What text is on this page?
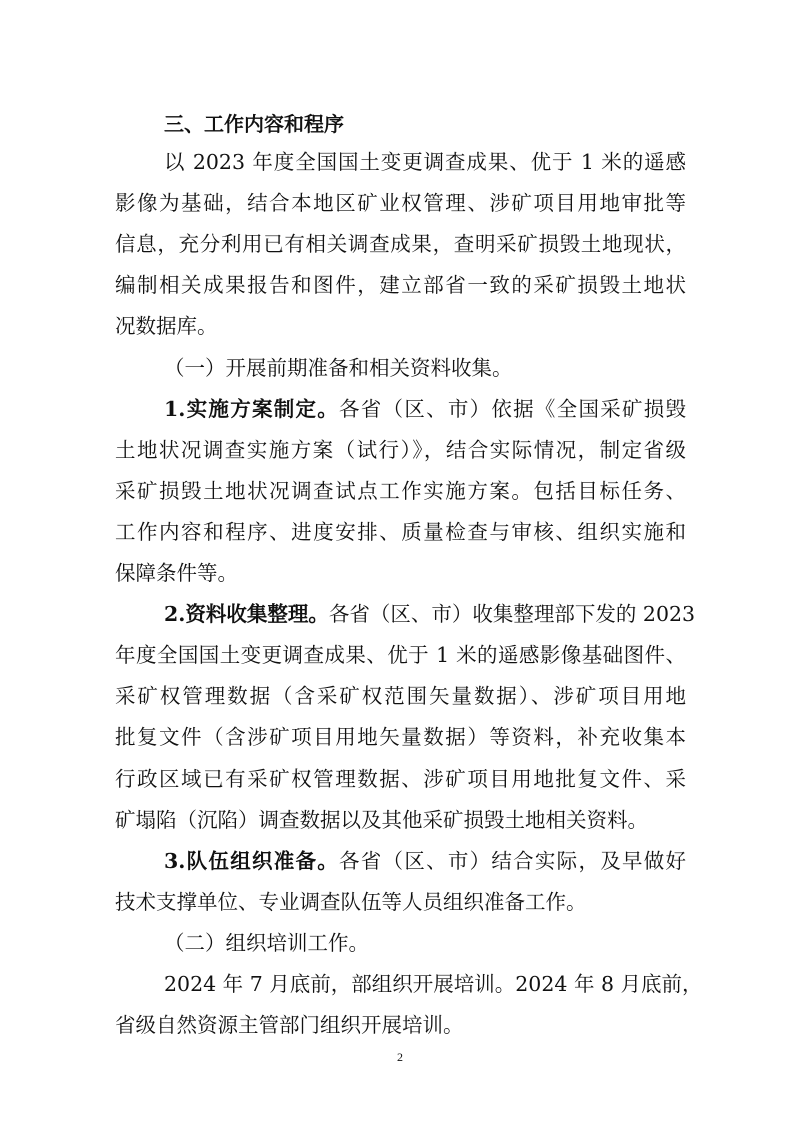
三、工作内容和程序
以 2023 年度全国国土变更调查成果、优于 1 米的遥感
影像为基础，结合本地区矿业权管理、涉矿项目用地审批等
信息，充分利用已有相关调查成果，查明采矿损毁土地现状，
编制相关成果报告和图件，建立部省一致的采矿损毁土地状
况数据库。
（一）开展前期准备和相关资料收集。
1.实施方案制定。各省（区、市）依据《全国采矿损毁
土地状况调查实施方案（试行）》，结合实际情况，制定省级
采矿损毁土地状况调查试点工作实施方案。包括目标任务、
工作内容和程序、进度安排、质量检查与审核、组织实施和
保障条件等。
2.资料收集整理。各省（区、市）收集整理部下发的 2023
年度全国国土变更调查成果、优于 1 米的遥感影像基础图件、
采矿权管理数据（含采矿权范围矢量数据）、涉矿项目用地
批复文件（含涉矿项目用地矢量数据）等资料，补充收集本
行政区域已有采矿权管理数据、涉矿项目用地批复文件、采
矿塌陷（沉陷）调查数据以及其他采矿损毁土地相关资料。
3.队伍组织准备。各省（区、市）结合实际，及早做好
技术支撑单位、专业调查队伍等人员组织准备工作。
（二）组织培训工作。
2024 年 7 月底前，部组织开展培训。2024 年 8 月底前，
省级自然资源主管部门组织开展培训。
2
